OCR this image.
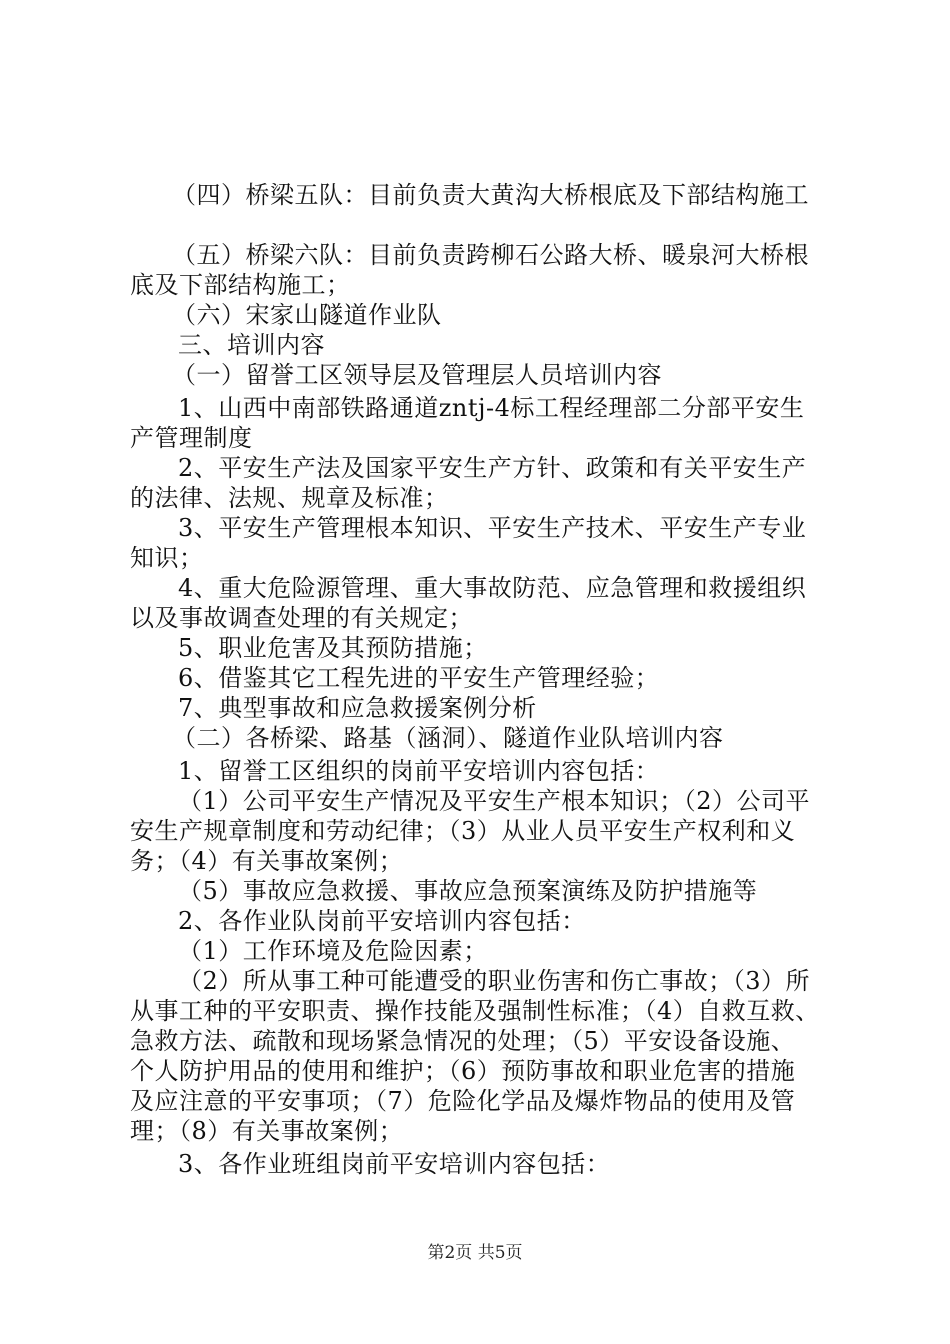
（四）桥梁五队：目前负责大黄沟大桥根底及下部结构施工
（五）桥梁六队：目前负责跨柳石公路大桥、暖泉河大桥根
底及下部结构施工；
（六）宋家山隧道作业队
三、培训内容
（一）留誉工区领导层及管理层人员培训内容
1、山西中南部铁路通道zntj-4标工程经理部二分部平安生
产管理制度
2、平安生产法及国家平安生产方针、政策和有关平安生产
的法律、法规、规章及标准；
3、平安生产管理根本知识、平安生产技术、平安生产专业
知识；
4、重大危险源管理、重大事故防范、应急管理和救援组织
以及事故调查处理的有关规定；
5、职业危害及其预防措施；
6、借鉴其它工程先进的平安生产管理经验；
7、典型事故和应急救援案例分析
（二）各桥梁、路基（涵洞）、隧道作业队培训内容
1、留誉工区组织的岗前平安培训内容包括：
（1）公司平安生产情况及平安生产根本知识；（2）公司平
安生产规章制度和劳动纪律；（3）从业人员平安生产权利和义
务；（4）有关事故案例；
（5）事故应急救援、事故应急预案演练及防护措施等
2、各作业队岗前平安培训内容包括：
（1）工作环境及危险因素；
（2）所从事工种可能遭受的职业伤害和伤亡事故；（3）所
从事工种的平安职责、操作技能及强制性标准；（4）自救互救、
急救方法、疏散和现场紧急情况的处理；（5）平安设备设施、
个人防护用品的使用和维护；（6）预防事故和职业危害的措施
及应注意的平安事项；（7）危险化学品及爆炸物品的使用及管
理；（8）有关事故案例；
3、各作业班组岗前平安培训内容包括：
第2页 共5页
